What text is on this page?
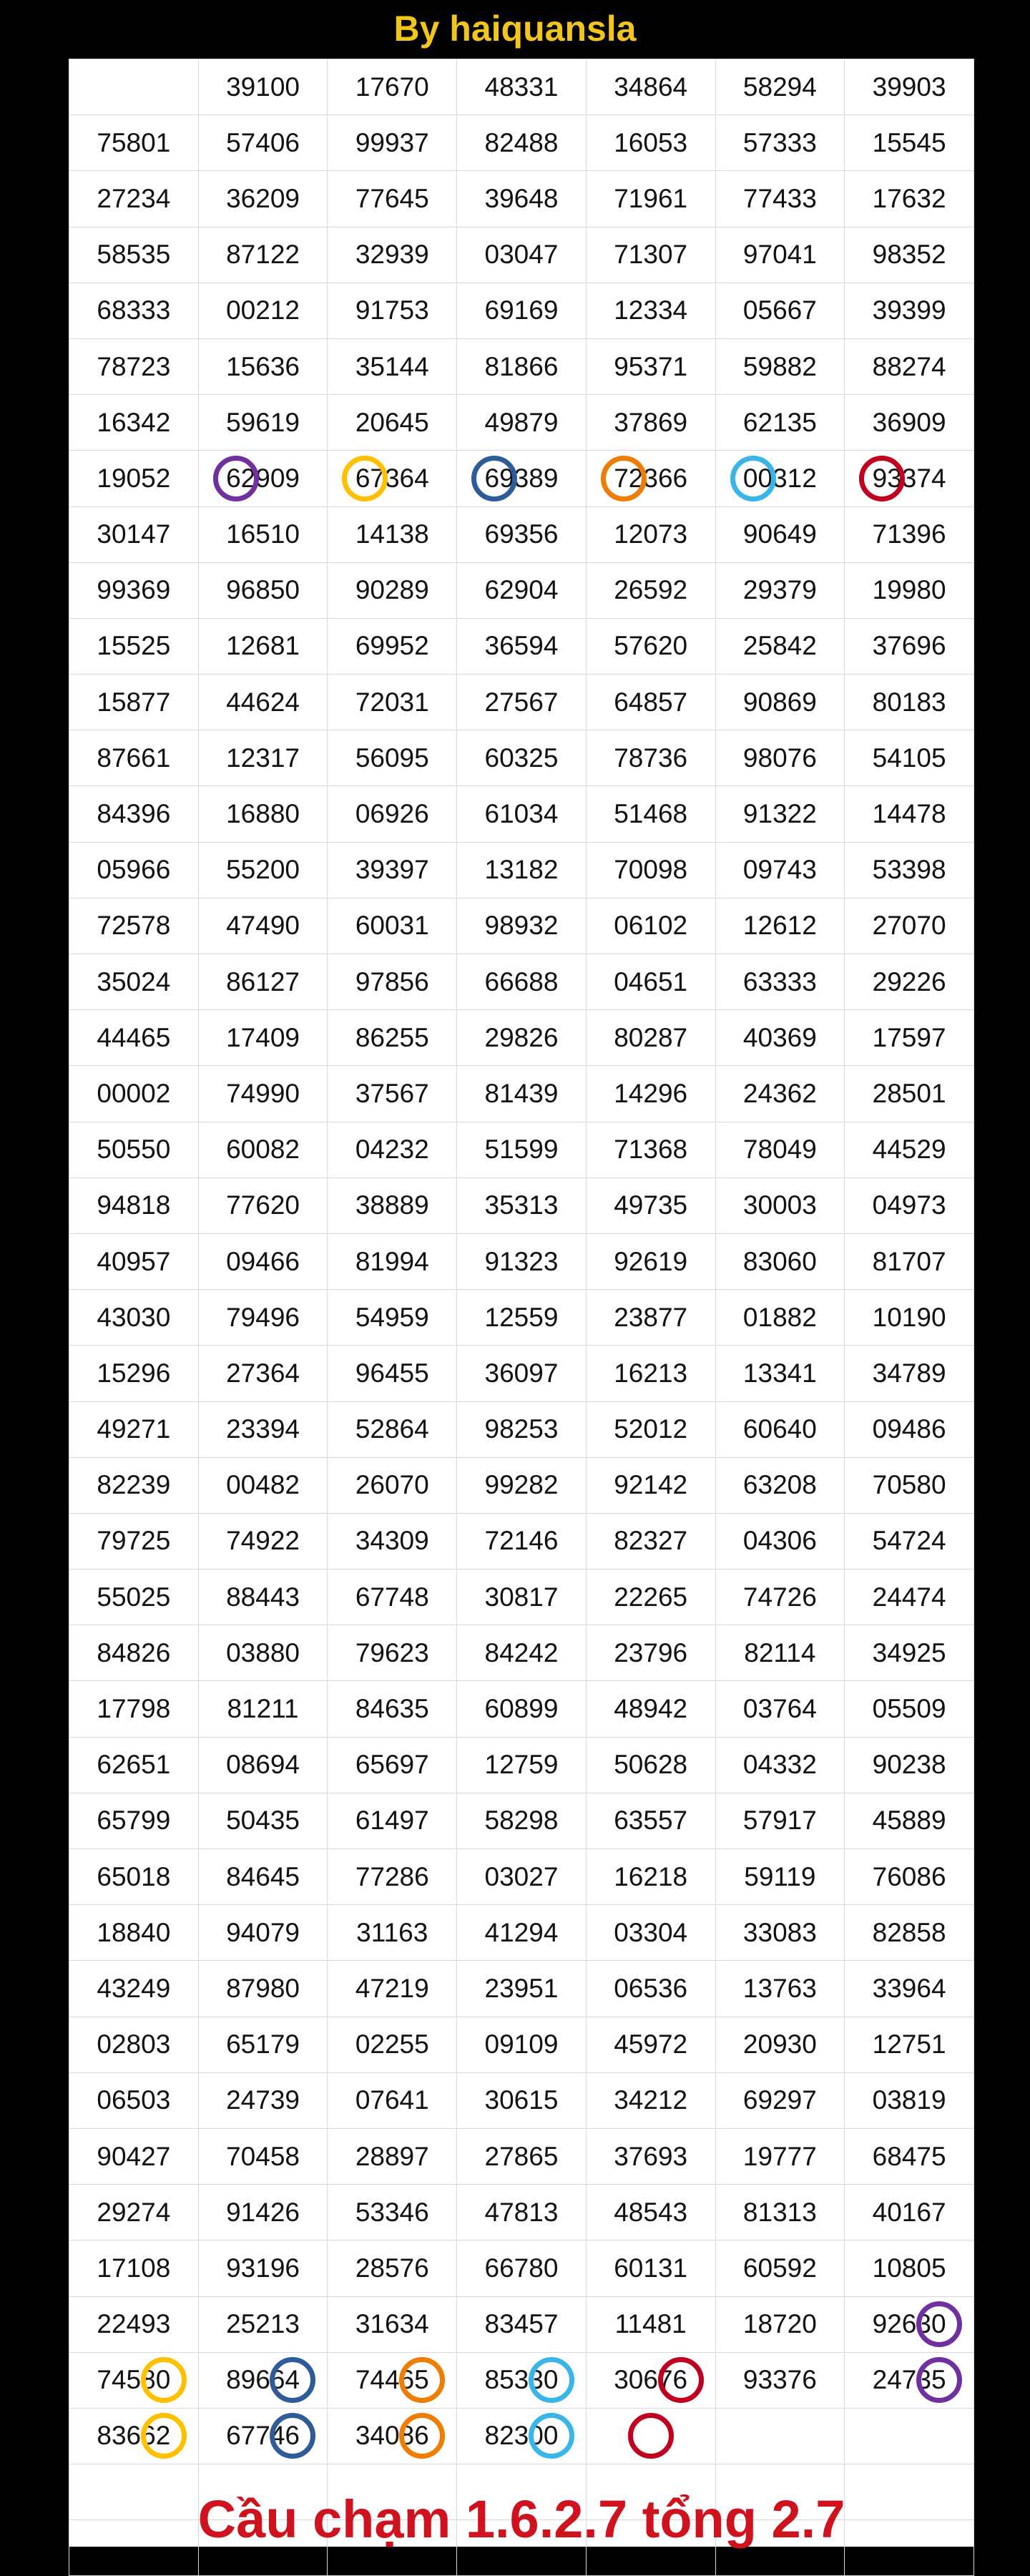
By haiquansla
	39100	17670	48331	34864	58294	39903
75801	57406	99937	82488	16053	57333	15545
27234	36209	77645	39648	71961	77433	17632
58535	87122	32939	03047	71307	97041	98352
68333	00212	91753	69169	12334	05667	39399
78723	15636	35144	81866	95371	59882	88274
16342	59619	20645	49879	37869	62135	36909
19052	62909	67364	69389	72366	00312	93374

30147	16510	14138	69356	12073	90649	71396
99369	96850	90289	62904	26592	29379	19980
15525	12681	69952	36594	57620	25842	37696
15877	44624	72031	27567	64857	90869	80183
87661	12317	56095	60325	78736	98076	54105
84396	16880	06926	61034	51468	91322	14478
05966	55200	39397	13182	70098	09743	53398
72578	47490	60031	98932	06102	12612	27070
35024	86127	97856	66688	04651	63333	29226
44465	17409	86255	29826	80287	40369	17597
00002	74990	37567	81439	14296	24362	28501
50550	60082	04232	51599	71368	78049	44529
94818	77620	38889	35313	49735	30003	04973
40957	09466	81994	91323	92619	83060	81707
43030	79496	54959	12559	23877	01882	10190
15296	27364	96455	36097	16213	13341	34789
49271	23394	52864	98253	52012	60640	09486
82239	00482	26070	99282	92142	63208	70580
79725	74922	34309	72146	82327	04306	54724
55025	88443	67748	30817	22265	74726	24474
84826	03880	79623	84242	23796	82114	34925
17798	81211	84635	60899	48942	03764	05509
62651	08694	65697	12759	50628	04332	90238
65799	50435	61497	58298	63557	57917	45889
65018	84645	77286	03027	16218	59119	76086
18840	94079	31163	41294	03304	33083	82858
43249	87980	47219	23951	06536	13763	33964
02803	65179	02255	09109	45972	20930	12751
06503	24739	07641	30615	34212	69297	03819
90427	70458	28897	27865	37693	19777	68475
29274	91426	53346	47813	48543	81313	40167
17108	93196	28576	66780	60131	60592	10805
22493	25213	31634	83457	11481	18720	92630

74580	89664	74465	85330	30676	93376	24735

83662	67746	34086	82300

Cầu chạm 1.6.2.7 tổng 2.7
